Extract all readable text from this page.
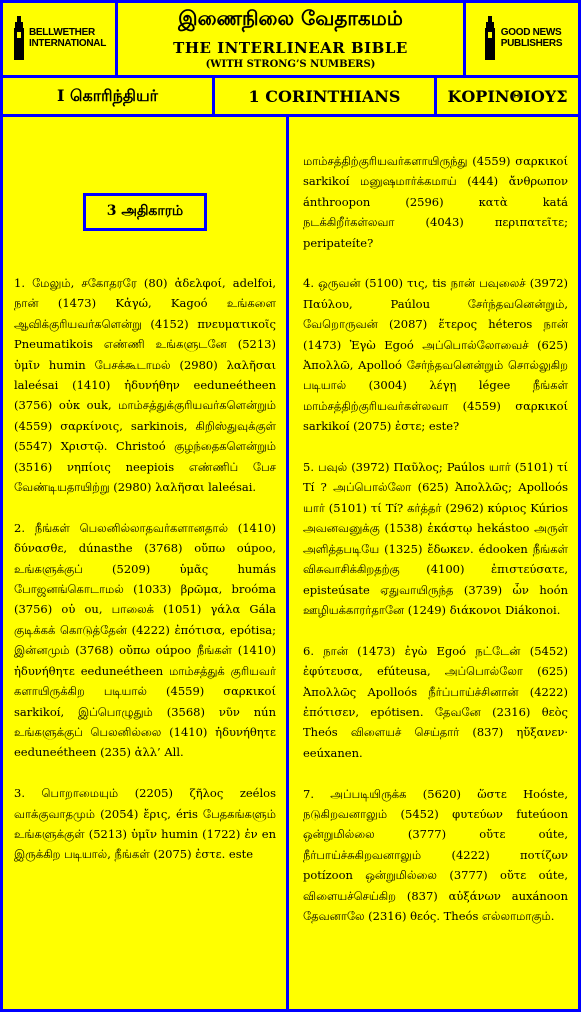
BELLWETHER
INTERNATIONAL
இணைநிலை வேதாகமம்
THE INTERLINEAR BIBLE
(WITH STRONG’S NUMBERS)
GOOD NEWS
PUBLISHERS
I கொரிந்தியர்	1 CORINTHIANS	ΚΟΡΙΝΘΙΟΥΣ
3 அதிகாரம்

1. மேலும், சகோதரரே (80) ἀδελφοί, adelfoi, நான் (1473) Κἀγώ, Kagoó உங்களை ஆவிக்குரியவர்களென்று (4152) πνευματικοῖς Pneumatikois எண்ணி உங்களுடனே (5213) ὑμῖν humin பேசக்கூடாமல் (2980) λαλῆσαι laleésai (1410) ἠδυνήθην eeduneétheen (3756) οὐκ ouk, மாம்சத்துக்குரியவர்களென்றும் (4559) σαρκίνοις, sarkinois, கிறிஸ்துவுக்குள் (5547) Χριστῷ. Christoó குழந்தைகளென்றும் (3516) νηπίοις neepiois எண்ணிப் பேச வேண்டியதாயிற்று (2980) λαλῆσαι laleésai.

2. நீங்கள் பெலனில்லாதவர்களானதால் (1410) δύνασθε, dúnasthe (3768) οὔπω oúpoo, உங்களுக்குப் (5209) ὑμᾶς humás போஜனங்கொடாமல் (1033) βρῶμα, broóma (3756) οὐ ou, பாலைக் (1051) γάλα Gála குடிக்கக் கொடுத்தேன் (4222) ἐπότισα, epótisa; இன்னமும் (3768) οὔπω oúpoo நீங்கள் (1410) ἠδυνήθητε eeduneétheen மாம்சத்துக் குரியவர் களாயிருக்கிற படியால் (4559) σαρκικοί sarkikoí, இப்பொழுதும் (3568) νῦν nún உங்களுக்குப் பெலனில்லை (1410) ἠδυνήθητε eeduneétheen (235) ἀλλ’ All.

3. பொறாமையும் (2205) ζῆλος zeélos வாக்குவாதமும் (2054) ἔρις, éris பேதகங்களும் உங்களுக்குள் (5213) ὑμῖν humin (1722) ἐν en இருக்கிற படியால், நீங்கள் (2075) ἐστε. este

மாம்சத்திற்குரியவர்களாயிருந்து (4559) σαρκικοί sarkikoí மனுஷமார்க்கமாய் (444) ἄνθρωπον ánthroopon (2596) κατὰ katá நடக்கிறீர்கள்லவா (4043) περιπατεῖτε; peripateíte?

4. ஒருவன் (5100) τις, tis நான் பவுலைச் (3972) Παύλου, Paúlou சேர்ந்தவனென்றும், வேறொருவன் (2087) ἕτερος héteros நான் (1473) Ἐγὼ Egoó அப்பொல்லோவைச் (625) Ἀπολλῶ, Apolloó சேர்ந்தவனென்றும் சொல்லுகிற படியால் (3004) λέγῃ légee நீங்கள் மாம்சத்திற்குரியவர்கள்லவா (4559) σαρκικοί sarkikoí (2075) ἐστε; este?

5. பவுல் (3972) Παῦλος; Paúlos யார் (5101) τί Tí ? அப்பொல்லோ (625) Ἀπολλῶς; Apolloós யார் (5101) τί Tí? கர்த்தர் (2962) κύριος Kúrios அவனவனுக்கு (1538) ἑκάστῳ hekástoo அருள் அளித்தபடியே (1325) ἔδωκεν. édooken நீங்கள் விசுவாசிக்கிறதற்கு (4100) ἐπιστεύσατε, episteúsate ஏதுவாயிருந்த (3739) ὧν hoón ஊழியக்காரர்தானே (1249) διάκονοι Diákonoi.

6. நான் (1473) ἐγὼ Egoó நட்டேன் (5452) ἐφύτευσα, efúteusa, அப்பொல்லோ (625) Ἀπολλῶς Apolloós நீர்ப்பாய்ச்சினான் (4222) ἐπότισεν, epótisen. தேவனே (2316) θεὸς Theós விளையச் செய்தார் (837) ηὔξανεν· eeúxanen.

7. அப்படியிருக்க (5620) ὥστε Hoóste, நடுகிறவனாலும் (5452) φυτεύων futeúoon ஒன்றுமில்லை (3777) οὔτε oúte, நீர்பாய்ச்சுகிறவனாலும் (4222) ποτίζων potízoon ஒன்றுமில்லை (3777) οὔτε oúte, விளையச்செய்கிற (837) αὐξάνων auxánoon தேவனாலே (2316) θεός. Theós எல்லாமாகும்.
